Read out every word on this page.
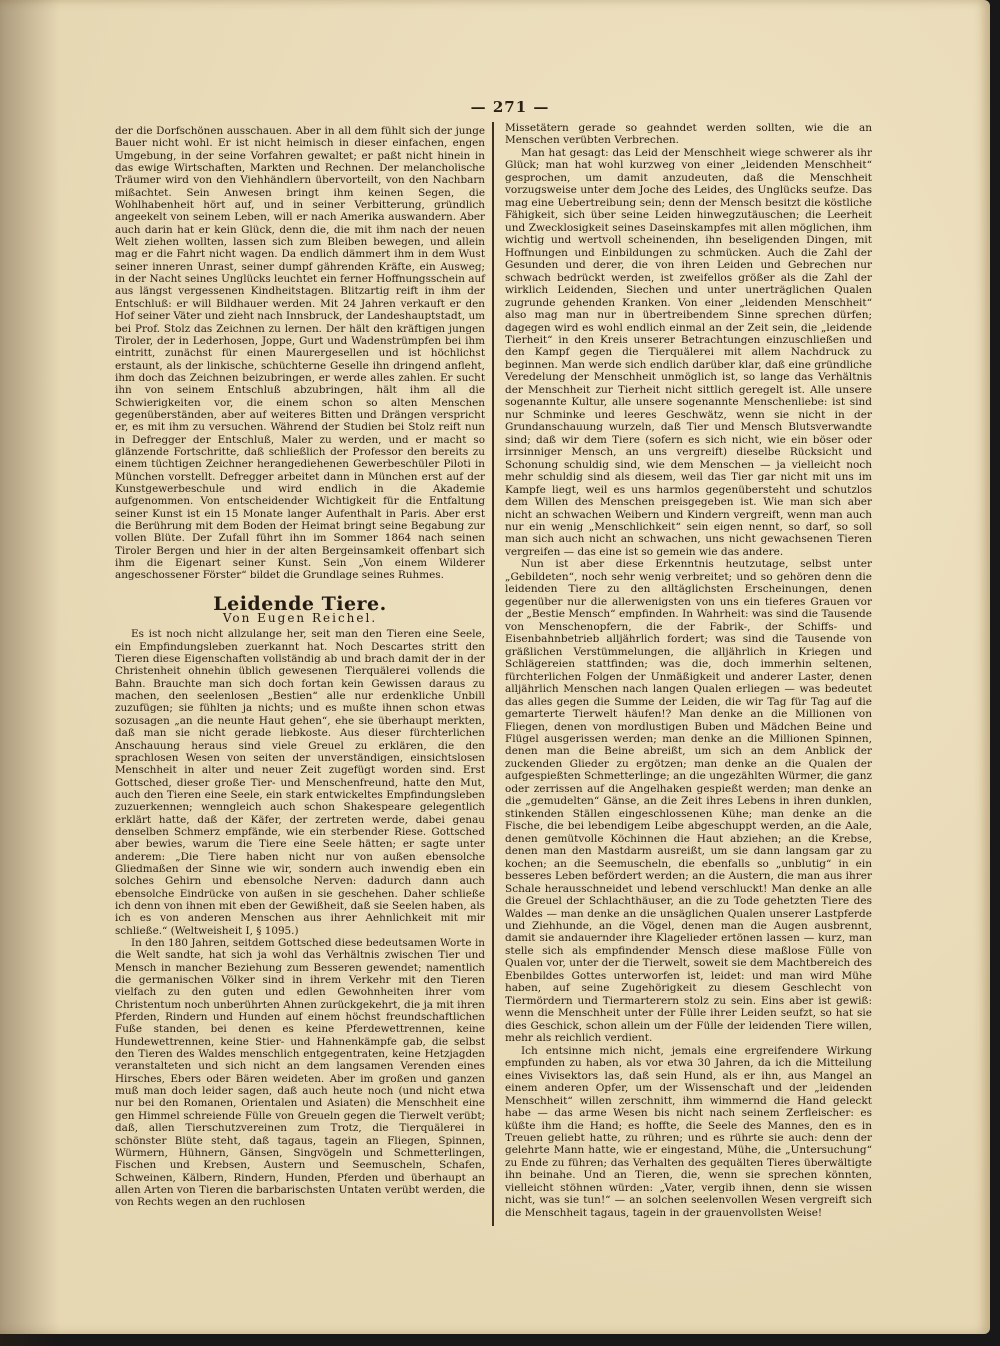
— 271 —

der die Dorfschönen ausschauen. Aber in all dem fühlt sich der junge Bauer nicht wohl. Er ist nicht heimisch in dieser einfachen, engen Umgebung, in der seine Vorfahren gewaltet; er paßt nicht hinein in das ewige Wirtschaften, Markten und Rechnen. Der melancholische Träumer wird von den Viehhändlern übervorteilt, von den Nachbarn mißachtet. Sein Anwesen bringt ihm keinen Segen, die Wohlhabenheit hört auf, und in seiner Verbitterung, gründlich angeekelt von seinem Leben, will er nach Amerika auswandern. Aber auch darin hat er kein Glück, denn die, die mit ihm nach der neuen Welt ziehen wollten, lassen sich zum Bleiben bewegen, und allein mag er die Fahrt nicht wagen. Da endlich dämmert ihm in dem Wust seiner inneren Unrast, seiner dumpf gährenden Kräfte, ein Ausweg; in der Nacht seines Unglücks leuchtet ein ferner Hoffnungsschein auf aus längst vergessenen Kindheitstagen. Blitzartig reift in ihm der Entschluß: er will Bildhauer werden. Mit 24 Jahren verkauft er den Hof seiner Väter und zieht nach Innsbruck, der Landeshauptstadt, um bei Prof. Stolz das Zeichnen zu lernen. Der hält den kräftigen jungen Tiroler, der in Lederhosen, Joppe, Gurt und Wadenstrümpfen bei ihm eintritt, zunächst für einen Maurergesellen und ist höchlichst erstaunt, als der linkische, schüchterne Geselle ihn dringend anfleht, ihm doch das Zeichnen beizubringen, er werde alles zahlen. Er sucht ihn von seinem Entschluß abzubringen, hält ihm all die Schwierigkeiten vor, die einem schon so alten Menschen gegenüberständen, aber auf weiteres Bitten und Drängen verspricht er, es mit ihm zu versuchen. Während der Studien bei Stolz reift nun in Defregger der Entschluß, Maler zu werden, und er macht so glänzende Fortschritte, daß schließlich der Professor den bereits zu einem tüchtigen Zeichner herangediehenen Gewerbeschüler Piloti in München vorstellt. Defregger arbeitet dann in München erst auf der Kunstgewerbeschule und wird endlich in die Akademie aufgenommen. Von entscheidender Wichtigkeit für die Entfaltung seiner Kunst ist ein 15 Monate langer Aufenthalt in Paris. Aber erst die Berührung mit dem Boden der Heimat bringt seine Begabung zur vollen Blüte. Der Zufall führt ihn im Sommer 1864 nach seinen Tiroler Bergen und hier in der alten Bergeinsamkeit offenbart sich ihm die Eigenart seiner Kunst. Sein „Von einem Wilderer angeschossener Förster“ bildet die Grundlage seines Ruhmes.

Leidende Tiere.
Von Eugen Reichel.

Es ist noch nicht allzulange her, seit man den Tieren eine Seele, ein Empfindungsleben zuerkannt hat. Noch Descartes stritt den Tieren diese Eigenschaften vollständig ab und brach damit der in der Christenheit ohnehin üblich gewesenen Tierquälerei vollends die Bahn. Brauchte man sich doch fortan kein Gewissen daraus zu machen, den seelenlosen „Bestien“ alle nur erdenkliche Unbill zuzufügen; sie fühlten ja nichts; und es mußte ihnen schon etwas sozusagen „an die neunte Haut gehen“, ehe sie überhaupt merkten, daß man sie nicht gerade liebkoste. Aus dieser fürchterlichen Anschauung heraus sind viele Greuel zu erklären, die den sprachlosen Wesen von seiten der unverständigen, einsichtslosen Menschheit in alter und neuer Zeit zugefügt worden sind. Erst Gottsched, dieser große Tier- und Menschenfreund, hatte den Mut, auch den Tieren eine Seele, ein stark entwickeltes Empfindungsleben zuzuerkennen; wenngleich auch schon Shakespeare gelegentlich erklärt hatte, daß der Käfer, der zertreten werde, dabei genau denselben Schmerz empfände, wie ein sterbender Riese. Gottsched aber bewies, warum die Tiere eine Seele hätten; er sagte unter anderem: „Die Tiere haben nicht nur von außen ebensolche Gliedmaßen der Sinne wie wir, sondern auch inwendig eben ein solches Gehirn und ebensolche Nerven: dadurch dann auch ebensolche Eindrücke von außen in sie geschehen. Daher schließe ich denn von ihnen mit eben der Gewißheit, daß sie Seelen haben, als ich es von anderen Menschen aus ihrer Aehnlichkeit mit mir schließe.“ (Weltweisheit I, § 1095.)

In den 180 Jahren, seitdem Gottsched diese bedeutsamen Worte in die Welt sandte, hat sich ja wohl das Verhältnis zwischen Tier und Mensch in mancher Beziehung zum Besseren gewendet; namentlich die germanischen Völker sind in ihrem Verkehr mit den Tieren vielfach zu den guten und edlen Gewohnheiten ihrer vom Christentum noch unberührten Ahnen zurückgekehrt, die ja mit ihren Pferden, Rindern und Hunden auf einem höchst freundschaftlichen Fuße standen, bei denen es keine Pferdewettrennen, keine Hundewettrennen, keine Stier- und Hahnenkämpfe gab, die selbst den Tieren des Waldes menschlich entgegentraten, keine Hetzjagden veranstalteten und sich nicht an dem langsamen Verenden eines Hirsches, Ebers oder Bären weideten. Aber im großen und ganzen muß man doch leider sagen, daß auch heute noch (und nicht etwa nur bei den Romanen, Orientalen und Asiaten) die Menschheit eine gen Himmel schreiende Fülle von Greueln gegen die Tierwelt verübt; daß, allen Tierschutzvereinen zum Trotz, die Tierquälerei in schönster Blüte steht, daß tagaus, tagein an Fliegen, Spinnen, Würmern, Hühnern, Gänsen, Singvögeln und Schmetterlingen, Fischen und Krebsen, Austern und Seemuscheln, Schafen, Schweinen, Kälbern, Rindern, Hunden, Pferden und überhaupt an allen Arten von Tieren die barbarischsten Untaten verübt werden, die von Rechts wegen an den ruchlosen

Missetätern gerade so geahndet werden sollten, wie die an Menschen verübten Verbrechen.

Man hat gesagt: das Leid der Menschheit wiege schwerer als ihr Glück; man hat wohl kurzweg von einer „leidenden Menschheit“ gesprochen, um damit anzudeuten, daß die Menschheit vorzugsweise unter dem Joche des Leides, des Unglücks seufze. Das mag eine Uebertreibung sein; denn der Mensch besitzt die köstliche Fähigkeit, sich über seine Leiden hinwegzutäuschen; die Leerheit und Zwecklosigkeit seines Daseinskampfes mit allen möglichen, ihm wichtig und wertvoll scheinenden, ihn beseligenden Dingen, mit Hoffnungen und Einbildungen zu schmücken. Auch die Zahl der Gesunden und derer, die von ihren Leiden und Gebrechen nur schwach bedrückt werden, ist zweifellos größer als die Zahl der wirklich Leidenden, Siechen und unter unerträglichen Qualen zugrunde gehenden Kranken. Von einer „leidenden Menschheit“ also mag man nur in übertreibendem Sinne sprechen dürfen; dagegen wird es wohl endlich einmal an der Zeit sein, die „leidende Tierheit“ in den Kreis unserer Betrachtungen einzuschließen und den Kampf gegen die Tierquälerei mit allem Nachdruck zu beginnen. Man werde sich endlich darüber klar, daß eine gründliche Veredelung der Menschheit unmöglich ist, so lange das Verhältnis der Menschheit zur Tierheit nicht sittlich geregelt ist. Alle unsere sogenannte Kultur, alle unsere sogenannte Menschenliebe: ist sind nur Schminke und leeres Geschwätz, wenn sie nicht in der Grundanschauung wurzeln, daß Tier und Mensch Blutsverwandte sind; daß wir dem Tiere (sofern es sich nicht, wie ein böser oder irrsinniger Mensch, an uns vergreift) dieselbe Rücksicht und Schonung schuldig sind, wie dem Menschen — ja vielleicht noch mehr schuldig sind als diesem, weil das Tier gar nicht mit uns im Kampfe liegt, weil es uns harmlos gegenübersteht und schutzlos dem Willen des Menschen preisgegeben ist. Wie man sich aber nicht an schwachen Weibern und Kindern vergreift, wenn man auch nur ein wenig „Menschlichkeit“ sein eigen nennt, so darf, so soll man sich auch nicht an schwachen, uns nicht gewachsenen Tieren vergreifen — das eine ist so gemein wie das andere.

Nun ist aber diese Erkenntnis heutzutage, selbst unter „Gebildeten“, noch sehr wenig verbreitet; und so gehören denn die leidenden Tiere zu den alltäglichsten Erscheinungen, denen gegenüber nur die allerwenigsten von uns ein tieferes Grauen vor der „Bestie Mensch“ empfinden. In Wahrheit: was sind die Tausende von Menschenopfern, die der Fabrik-, der Schiffs- und Eisenbahnbetrieb alljährlich fordert; was sind die Tausende von gräßlichen Verstümmelungen, die alljährlich in Kriegen und Schlägereien stattfinden; was die, doch immerhin seltenen, fürchterlichen Folgen der Unmäßigkeit und anderer Laster, denen alljährlich Menschen nach langen Qualen erliegen — was bedeutet das alles gegen die Summe der Leiden, die wir Tag für Tag auf die gemarterte Tierwelt häufen!? Man denke an die Millionen von Fliegen, denen von mordlustigen Buben und Mädchen Beine und Flügel ausgerissen werden; man denke an die Millionen Spinnen, denen man die Beine abreißt, um sich an dem Anblick der zuckenden Glieder zu ergötzen; man denke an die Qualen der aufgespießten Schmetterlinge; an die ungezählten Würmer, die ganz oder zerrissen auf die Angelhaken gespießt werden; man denke an die „gemudelten“ Gänse, an die Zeit ihres Lebens in ihren dunklen, stinkenden Ställen eingeschlossenen Kühe; man denke an die Fische, die bei lebendigem Leibe abgeschuppt werden, an die Aale, denen gemütvolle Köchinnen die Haut abziehen; an die Krebse, denen man den Mastdarm ausreißt, um sie dann langsam gar zu kochen; an die Seemuscheln, die ebenfalls so „unblutig“ in ein besseres Leben befördert werden; an die Austern, die man aus ihrer Schale herausschneidet und lebend verschluckt! Man denke an alle die Greuel der Schlachthäuser, an die zu Tode gehetzten Tiere des Waldes — man denke an die unsäglichen Qualen unserer Lastpferde und Ziehhunde, an die Vögel, denen man die Augen ausbrennt, damit sie andauernder ihre Klagelieder ertönen lassen — kurz, man stelle sich als empfindender Mensch diese maßlose Fülle von Qualen vor, unter der die Tierwelt, soweit sie dem Machtbereich des Ebenbildes Gottes unterworfen ist, leidet: und man wird Mühe haben, auf seine Zugehörigkeit zu diesem Geschlecht von Tiermördern und Tiermarterern stolz zu sein. Eins aber ist gewiß: wenn die Menschheit unter der Fülle ihrer Leiden seufzt, so hat sie dies Geschick, schon allein um der Fülle der leidenden Tiere willen, mehr als reichlich verdient.

Ich entsinne mich nicht, jemals eine ergreifendere Wirkung empfunden zu haben, als vor etwa 30 Jahren, da ich die Mitteilung eines Vivisektors las, daß sein Hund, als er ihn, aus Mangel an einem anderen Opfer, um der Wissenschaft und der „leidenden Menschheit“ willen zerschnitt, ihm wimmernd die Hand geleckt habe — das arme Wesen bis nicht nach seinem Zerfleischer: es küßte ihm die Hand; es hoffte, die Seele des Mannes, den es in Treuen geliebt hatte, zu rühren; und es rührte sie auch: denn der gelehrte Mann hatte, wie er eingestand, Mühe, die „Untersuchung“ zu Ende zu führen; das Verhalten des gequälten Tieres überwältigte ihn beinahe. Und an Tieren, die, wenn sie sprechen könnten, vielleicht stöhnen würden: „Vater, vergib ihnen, denn sie wissen nicht, was sie tun!“ — an solchen seelenvollen Wesen vergreift sich die Menschheit tagaus, tagein in der grauenvollsten Weise!
